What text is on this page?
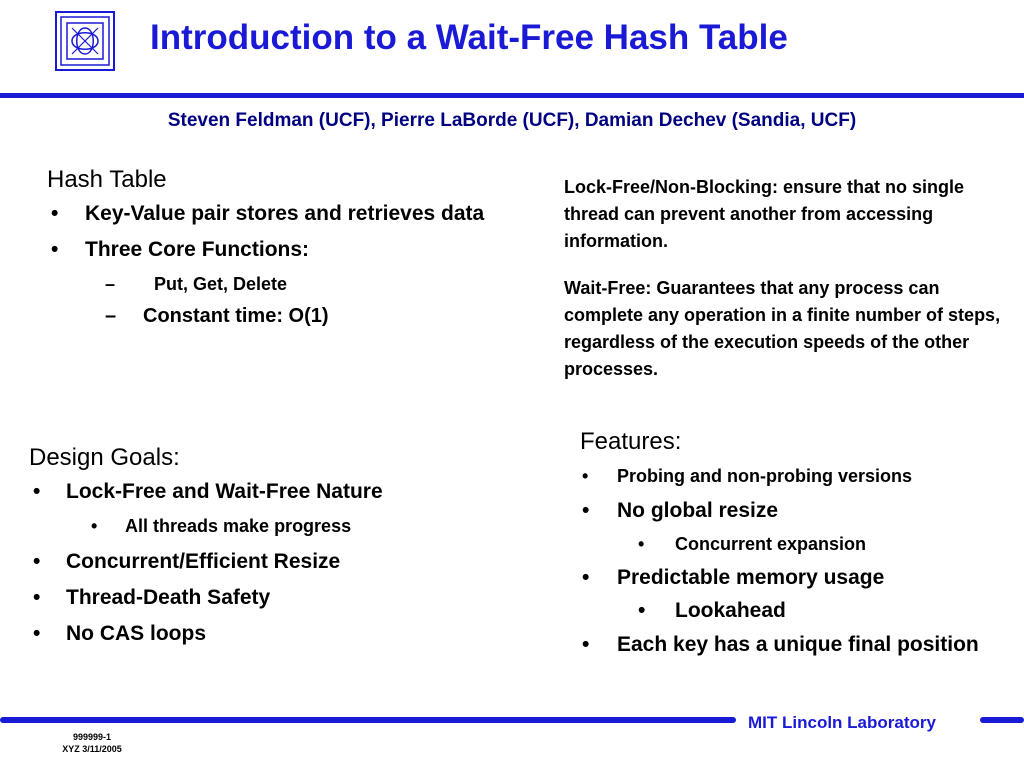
Introduction to a Wait-Free Hash Table
Steven Feldman (UCF), Pierre LaBorde (UCF), Damian Dechev (Sandia, UCF)
Hash Table
• Key-Value pair stores and retrieves data
• Three Core Functions:
– Put, Get, Delete
– Constant time: O(1)

Lock-Free/Non-Blocking: ensure that no single thread can prevent another from accessing information.

Wait-Free: Guarantees that any process can complete any operation in a finite number of steps, regardless of the execution speeds of the other processes.

Design Goals:
• Lock-Free and Wait-Free Nature
• All threads make progress
• Concurrent/Efficient Resize
• Thread-Death Safety
• No CAS loops
Features:
• Probing and non-probing versions
• No global resize
• Concurrent expansion
• Predictable memory usage
• Lookahead
• Each key has a unique final position
MIT Lincoln Laboratory
999999-1
XYZ 3/11/2005
